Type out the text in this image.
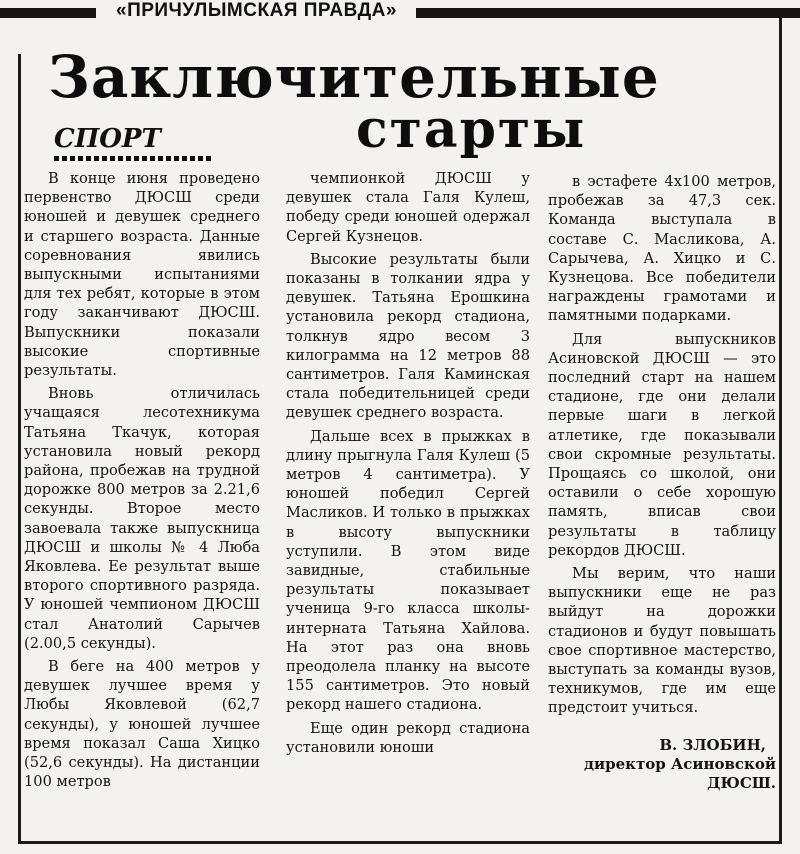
«ПРИЧУЛЫМСКАЯ ПРАВДА»
Заключительные
СПОРТ	старты

В конце июня проведено первенство ДЮСШ среди юношей и девушек среднего и старшего возраста. Данные соревнования явились выпускными испытаниями для тех ребят, которые в этом году заканчивают ДЮСШ. Выпускники показали высокие спортивные результаты.

Вновь отличилась учащаяся лесотехникума Татьяна Ткачук, которая установила новый рекорд района, пробежав на трудной дорожке 800 метров за 2.21,6 секунды. Второе место завоевала также выпускница ДЮСШ и школы № 4 Люба Яковлева. Ее результат выше второго спортивного разряда. У юношей чемпионом ДЮСШ стал Анатолий Сарычев (2.00,5 секунды).

В беге на 400 метров у девушек лучшее время у Любы Яковлевой (62,7 секунды), у юношей лучшее время показал Саша Хицко (52,6 секунды). На дистанции 100 метров

чемпионкой ДЮСШ у девушек стала Галя Кулеш, победу среди юношей одержал Сергей Кузнецов.

Высокие результаты были показаны в толкании ядра у девушек. Татьяна Ерошкина установила рекорд стадиона, толкнув ядро весом 3 килограмма на 12 метров 88 сантиметров. Галя Каминская стала победительницей среди девушек среднего возраста.

Дальше всех в прыжках в длину прыгнула Галя Кулеш (5 метров 4 сантиметра). У юношей победил Сергей Масликов. И только в прыжках в высоту выпускники уступили. В этом виде завидные, стабильные результаты показывает ученица 9-го класса школы-интерната Татьяна Хайлова. На этот раз она вновь преодолела планку на высоте 155 сантиметров. Это новый рекорд нашего стадиона.

Еще один рекорд стадиона установили юноши

в эстафете 4х100 метров, пробежав за 47,3 сек. Команда выступала в составе С. Масликова, А. Сарычева, А. Хицко и С. Кузнецова. Все победители награждены грамотами и памятными подарками.

Для выпускников Асиновской ДЮСШ — это последний старт на нашем стадионе, где они делали первые шаги в легкой атлетике, где показывали свои скромные результаты. Прощаясь со школой, они оставили о себе хорошую память, вписав свои результаты в таблицу рекордов ДЮСШ.

Мы верим, что наши выпускники еще не раз выйдут на дорожки стадионов и будут повышать свое спортивное мастерство, выступать за команды вузов, техникумов, где им еще предстоит учиться.

В. ЗЛОБИН,
директор Асиновской ДЮСШ.
